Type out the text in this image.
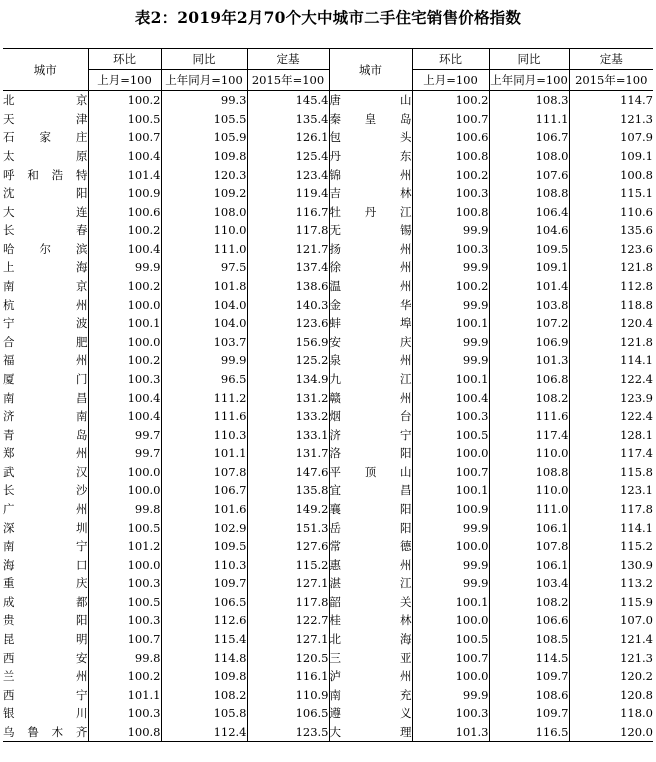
表2：2019年2月70个大中城市二手住宅销售价格指数
城市	环比	同比	定基	城市	环比	同比	定基
	上月=100	上年同月=100	2015年=100		上月=100	上年同月=100	2015年=100
北京	100.2	99.3	145.4	唐山	100.2	108.3	114.7
天津	100.5	105.5	135.4	秦皇岛	100.7	111.1	121.3
石家庄	100.7	105.9	126.1	包头	100.6	106.7	107.9
太原	100.4	109.8	125.4	丹东	100.8	108.0	109.1
呼和浩特	101.4	120.3	123.4	锦州	100.2	107.6	100.8
沈阳	100.9	109.2	119.4	吉林	100.3	108.8	115.1
大连	100.6	108.0	116.7	牡丹江	100.8	106.4	110.6
长春	100.2	110.0	117.8	无锡	99.9	104.6	135.6
哈尔滨	100.4	111.0	121.7	扬州	100.3	109.5	123.6
上海	99.9	97.5	137.4	徐州	99.9	109.1	121.8
南京	100.2	101.8	138.6	温州	100.2	101.4	112.8
杭州	100.0	104.0	140.3	金华	99.9	103.8	118.8
宁波	100.1	104.0	123.6	蚌埠	100.1	107.2	120.4
合肥	100.0	103.7	156.9	安庆	99.9	106.9	121.8
福州	100.2	99.9	125.2	泉州	99.9	101.3	114.1
厦门	100.3	96.5	134.9	九江	100.1	106.8	122.4
南昌	100.4	111.2	131.2	赣州	100.4	108.2	123.9
济南	100.4	111.6	133.2	烟台	100.3	111.6	122.4
青岛	99.7	110.3	133.1	济宁	100.5	117.4	128.1
郑州	99.7	101.1	131.7	洛阳	100.0	110.0	117.4
武汉	100.0	107.8	147.6	平顶山	100.7	108.8	115.8
长沙	100.0	106.7	135.8	宜昌	100.1	110.0	123.1
广州	99.8	101.6	149.2	襄阳	100.9	111.0	117.8
深圳	100.5	102.9	151.3	岳阳	99.9	106.1	114.1
南宁	101.2	109.5	127.6	常德	100.0	107.8	115.2
海口	100.0	110.3	115.2	惠州	99.9	106.1	130.9
重庆	100.3	109.7	127.1	湛江	99.9	103.4	113.2
成都	100.5	106.5	117.8	韶关	100.1	108.2	115.9
贵阳	100.3	112.6	122.7	桂林	100.0	106.6	107.0
昆明	100.7	115.4	127.1	北海	100.5	108.5	121.4
西安	99.8	114.8	120.5	三亚	100.7	114.5	121.3
兰州	100.2	109.8	116.1	泸州	100.0	109.7	120.2
西宁	101.1	108.2	110.9	南充	99.9	108.6	120.8
银川	100.3	105.8	106.5	遵义	100.3	109.7	118.0
乌鲁木齐	100.8	112.4	123.5	大理	101.3	116.5	120.0
